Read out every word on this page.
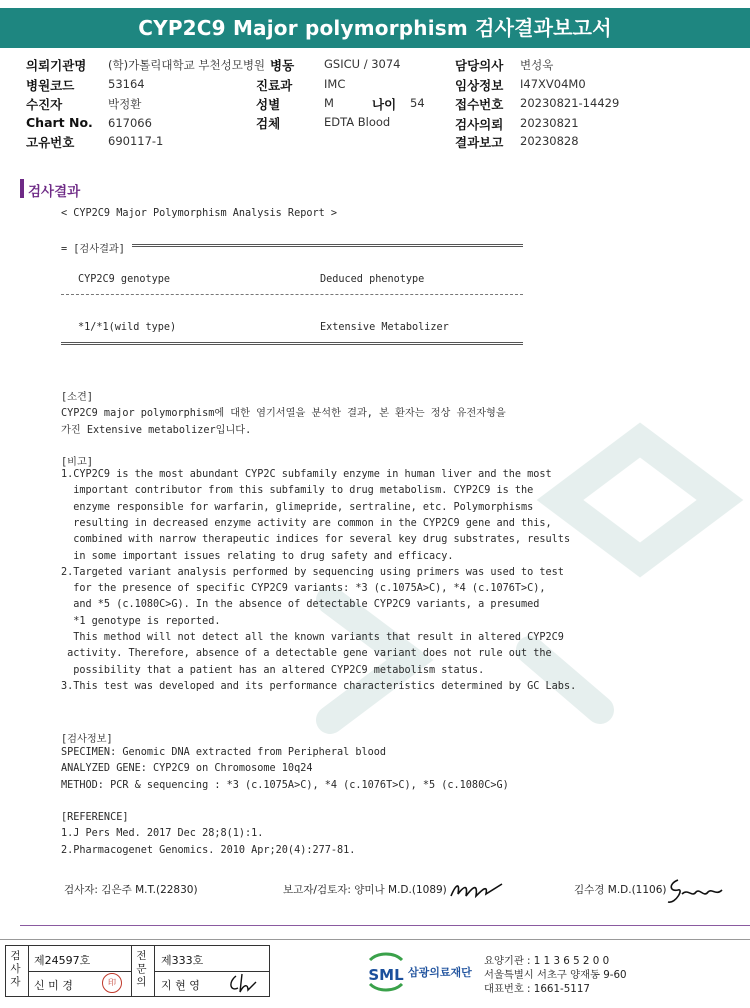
CYP2C9 Major polymorphism 검사결과보고서
의뢰기관명 (학)가톨릭대학교 부천성모병원
병원코드	53164
수진자	박정환
Chart No. 617066
고유번호	690117-1
병동	GSICU / 3074
진료과	IMC
성별	M	나이 54
검체	EDTA Blood
담당의사 변성욱
임상정보 I47XV04M0
접수번호 20230821-14429
검사의뢰 20230821
결과보고 20230828
검사결과
< CYP2C9 Major Polymorphism Analysis Report >
= [검사결과]
CYP2C9 genotype	Deduced phenotype
*1/*1(wild type)	Extensive Metabolizer
[소견]
CYP2C9 major polymorphism에 대한 염기서열을 분석한 결과, 본 환자는 정상 유전자형을
가진 Extensive metabolizer입니다.
[비고]
1.CYP2C9 is the most abundant CYP2C subfamily enzyme in human liver and the most
important contributor from this subfamily to drug metabolism. CYP2C9 is the
enzyme responsible for warfarin, glimepride, sertraline, etc. Polymorphisms
resulting in decreased enzyme activity are common in the CYP2C9 gene and this,
combined with narrow therapeutic indices for several key drug substrates, results
in some important issues relating to drug safety and efficacy.
2.Targeted variant analysis performed by sequencing using primers was used to test
for the presence of specific CYP2C9 variants: *3 (c.1075A>C), *4 (c.1076T>C),
and *5 (c.1080C>G). In the absence of detectable CYP2C9 variants, a presumed
*1 genotype is reported.
This method will not detect all the known variants that result in altered CYP2C9
activity. Therefore, absence of a detectable gene variant does not rule out the
possibility that a patient has an altered CYP2C9 metabolism status.
3.This test was developed and its performance characteristics determined by GC Labs.
[검사정보]
SPECIMEN: Genomic DNA extracted from Peripheral blood
ANALYZED GENE: CYP2C9 on Chromosome 10q24
METHOD: PCR & sequencing : *3 (c.1075A>C), *4 (c.1076T>C), *5 (c.1080C>G)
[REFERENCE]
1.J Pers Med. 2017 Dec 28;8(1):1.
2.Pharmacogenet Genomics. 2010 Apr;20(4):277-81.
검사자: 김은주 M.T.(22830)	보고자/검토자: 양미나 M.D.(1089)	김수경 M.D.(1106)
검
사
자
제24597호
신 미 경	印
전
문
의
제333호
지 현 영
SML 삼광의료재단
요양기관 : 1 1 3 6 5 2 0 0
서울특별시 서초구 양재동 9-60
대표번호 : 1661-5117
